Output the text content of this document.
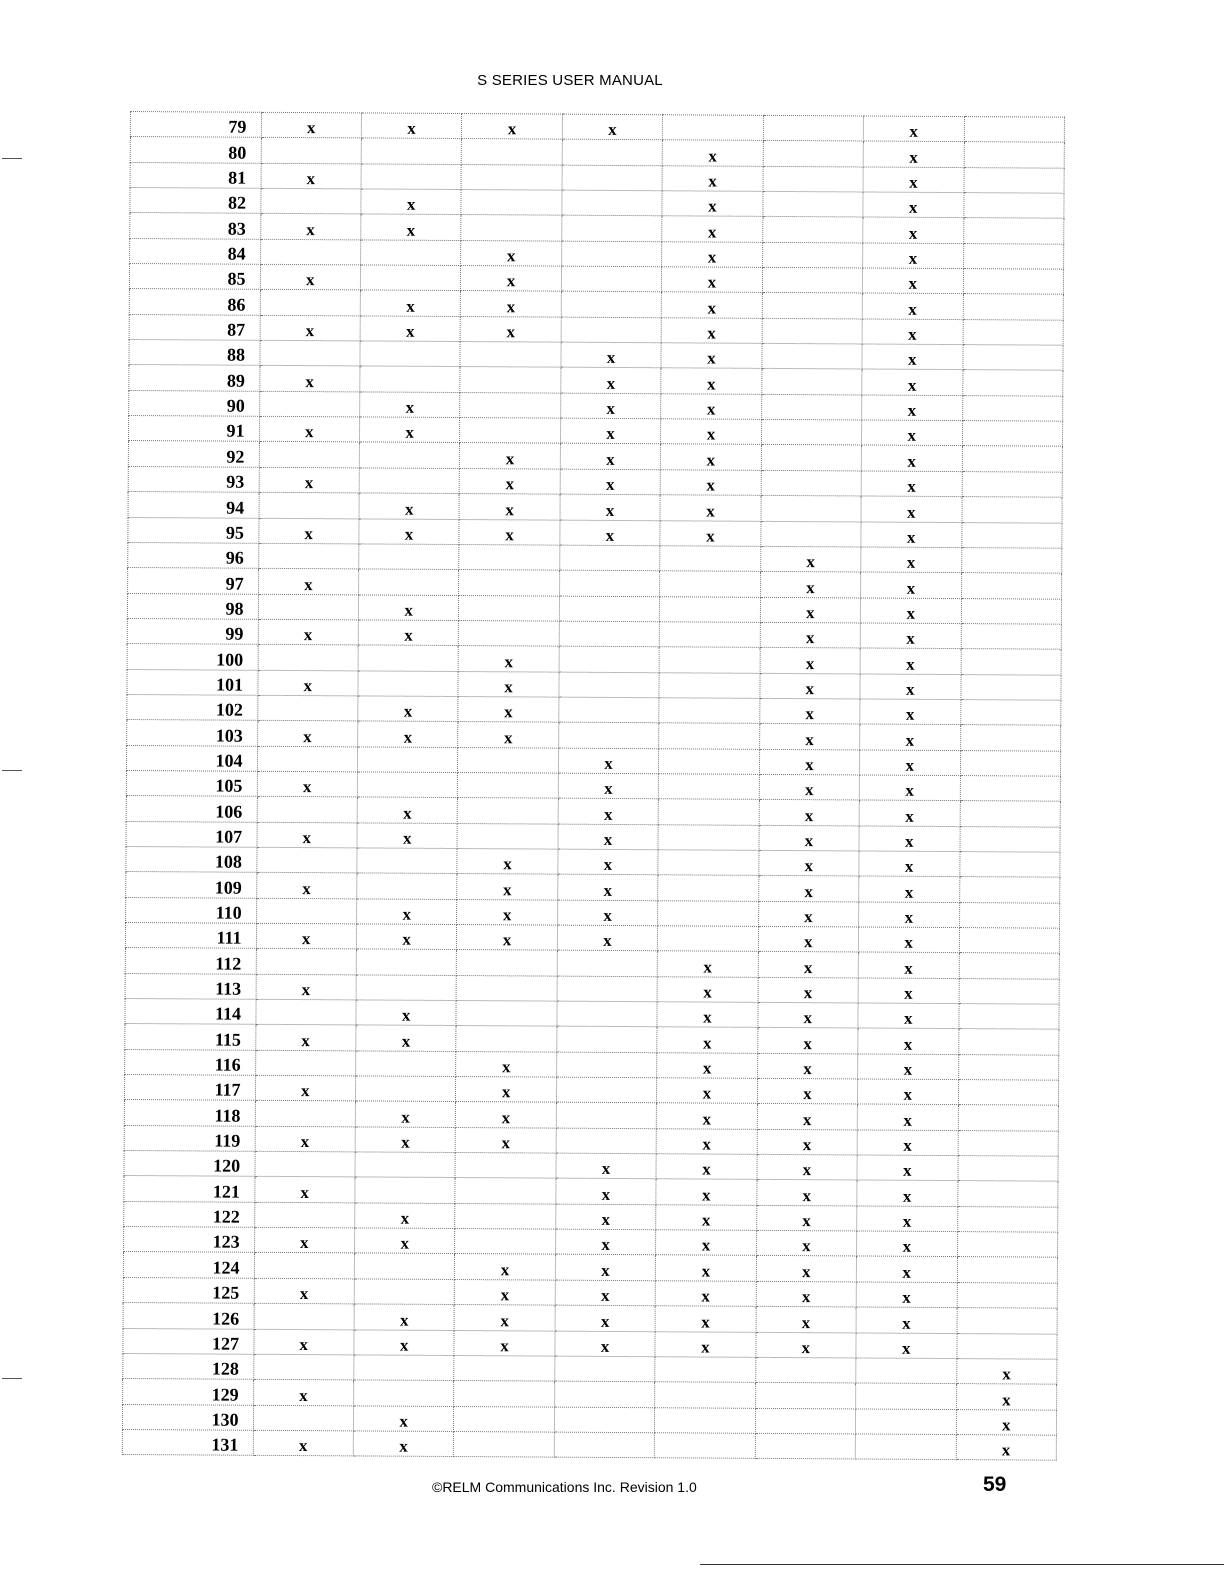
S SERIES USER MANUAL
79	x	x	x	x			x	
80					x		x	
81	x				x		x	
82		x			x		x	
83	x	x			x		x	
84			x		x		x	
85	x		x		x		x	
86		x	x		x		x	
87	x	x	x		x		x	
88				x	x		x	
89	x			x	x		x	
90		x		x	x		x	
91	x	x		x	x		x	
92			x	x	x		x	
93	x		x	x	x		x	
94		x	x	x	x		x	
95	x	x	x	x	x		x	
96						x	x	
97	x					x	x	
98		x				x	x	
99	x	x				x	x	
100			x			x	x	
101	x		x			x	x	
102		x	x			x	x	
103	x	x	x			x	x	
104				x		x	x	
105	x			x		x	x	
106		x		x		x	x	
107	x	x		x		x	x	
108			x	x		x	x	
109	x		x	x		x	x	
110		x	x	x		x	x	
111	x	x	x	x		x	x	
112					x	x	x	
113	x				x	x	x	
114		x			x	x	x	
115	x	x			x	x	x	
116			x		x	x	x	
117	x		x		x	x	x	
118		x	x		x	x	x	
119	x	x	x		x	x	x	
120				x	x	x	x	
121	x			x	x	x	x	
122		x		x	x	x	x	
123	x	x		x	x	x	x	
124			x	x	x	x	x	
125	x		x	x	x	x	x	
126		x	x	x	x	x	x	
127	x	x	x	x	x	x	x	
128								x
129	x							x
130		x						x
131	x	x						x
©RELM Communications Inc. Revision 1.0	59
